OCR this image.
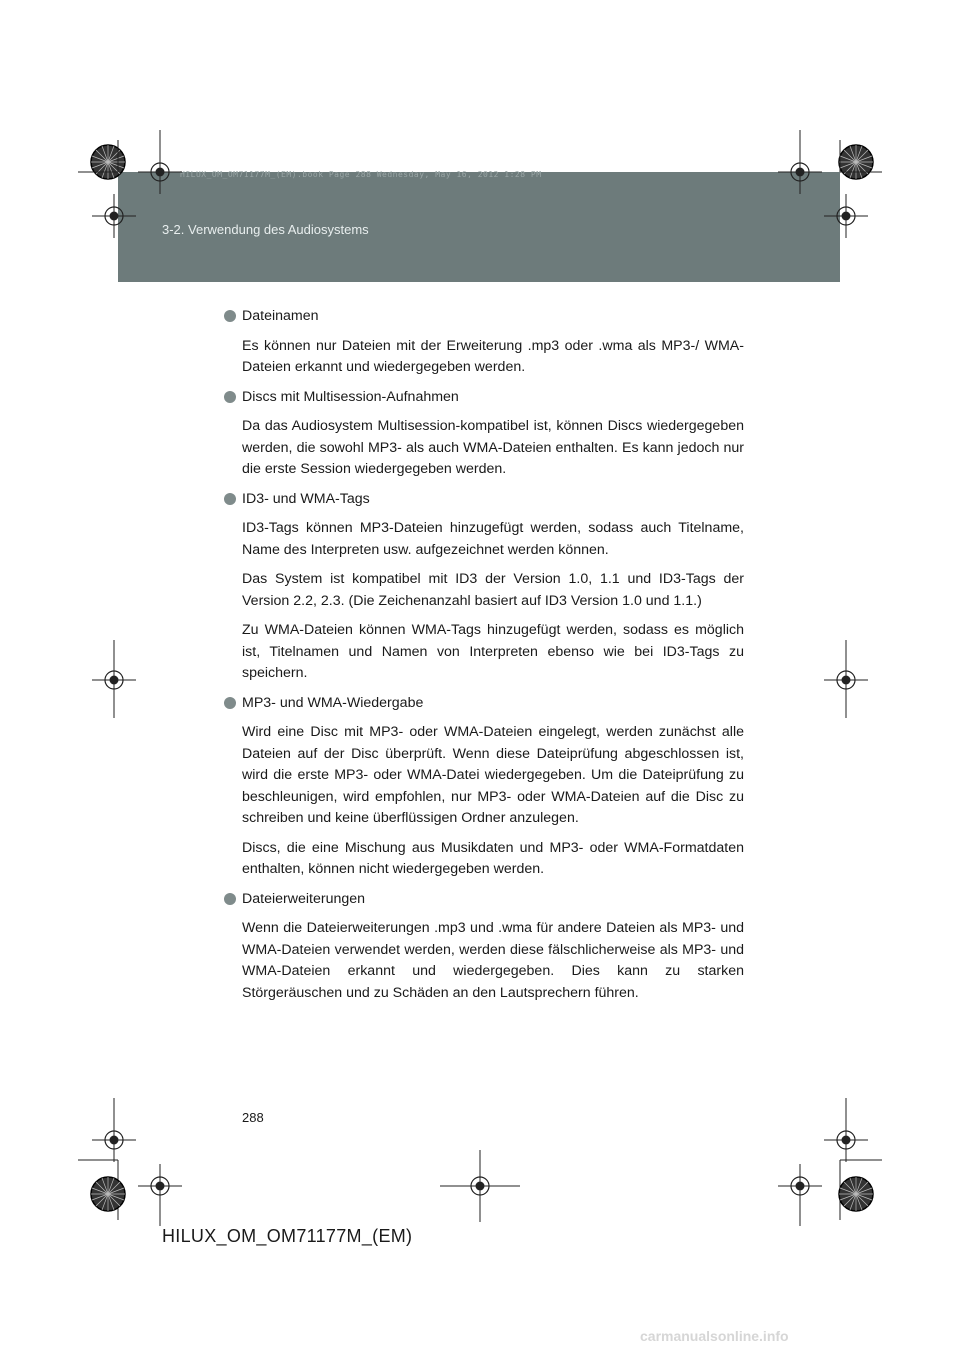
HILUX_OM_OM71177M_(EM).book Page 288 Wednesday, May 16, 2012 1:28 PM
3-2. Verwendung des Audiosystems
Dateinamen

Es können nur Dateien mit der Erweiterung .mp3 oder .wma als MP3-/ WMA-Dateien erkannt und wiedergegeben werden.

Discs mit Multisession-Aufnahmen

Da das Audiosystem Multisession-kompatibel ist, können Discs wiedergegeben werden, die sowohl MP3- als auch WMA-Dateien enthalten. Es kann jedoch nur die erste Session wiedergegeben werden.

ID3- und WMA-Tags

ID3-Tags können MP3-Dateien hinzugefügt werden, sodass auch Titelname, Name des Interpreten usw. aufgezeichnet werden können.

Das System ist kompatibel mit ID3 der Version 1.0, 1.1 und ID3-Tags der Version 2.2, 2.3. (Die Zeichenanzahl basiert auf ID3 Version 1.0 und 1.1.)

Zu WMA-Dateien können WMA-Tags hinzugefügt werden, sodass es möglich ist, Titelnamen und Namen von Interpreten ebenso wie bei ID3-Tags zu speichern.

MP3- und WMA-Wiedergabe

Wird eine Disc mit MP3- oder WMA-Dateien eingelegt, werden zunächst alle Dateien auf der Disc überprüft. Wenn diese Dateiprüfung abgeschlossen ist, wird die erste MP3- oder WMA-Datei wiedergegeben. Um die Dateiprüfung zu beschleunigen, wird empfohlen, nur MP3- oder WMA-Dateien auf die Disc zu schreiben und keine überflüssigen Ordner anzulegen.

Discs, die eine Mischung aus Musikdaten und MP3- oder WMA-Formatdaten enthalten, können nicht wiedergegeben werden.

Dateierweiterungen

Wenn die Dateierweiterungen .mp3 und .wma für andere Dateien als MP3- und WMA-Dateien verwendet werden, werden diese fälschlicherweise als MP3- und WMA-Dateien erkannt und wiedergegeben. Dies kann zu starken Störgeräuschen und zu Schäden an den Lautsprechern führen.

288
HILUX_OM_OM71177M_(EM)
carmanualsonline.info
